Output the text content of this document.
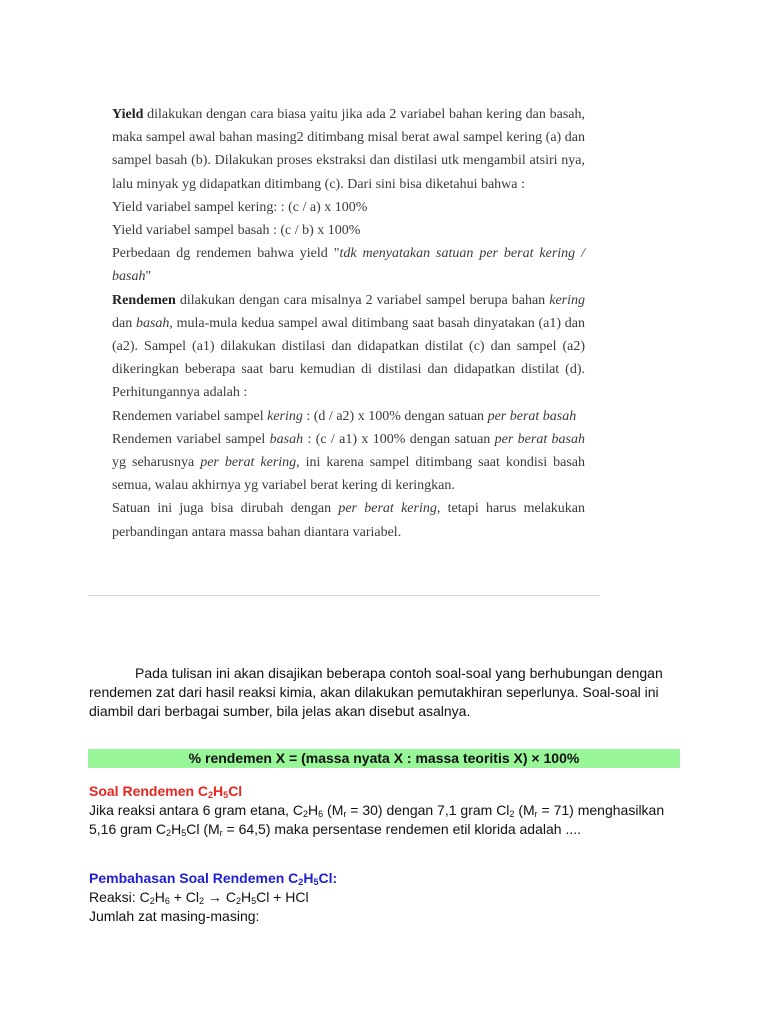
Yield dilakukan dengan cara biasa yaitu jika ada 2 variabel bahan kering dan basah, maka sampel awal bahan masing2 ditimbang misal berat awal sampel kering (a) dan sampel basah (b). Dilakukan proses ekstraksi dan distilasi utk mengambil atsiri nya, lalu minyak yg didapatkan ditimbang (c). Dari sini bisa diketahui bahwa :

Yield variabel sampel kering: : (c / a) x 100%

Yield variabel sampel basah : (c / b) x 100%

Perbedaan dg rendemen bahwa yield "tdk menyatakan satuan per berat kering / basah"

Rendemen dilakukan dengan cara misalnya 2 variabel sampel berupa bahan kering dan basah, mula-mula kedua sampel awal ditimbang saat basah dinyatakan (a1) dan (a2). Sampel (a1) dilakukan distilasi dan didapatkan distilat (c) dan sampel (a2) dikeringkan beberapa saat baru kemudian di distilasi dan didapatkan distilat (d). Perhitungannya adalah :

Rendemen variabel sampel kering : (d / a2) x 100% dengan satuan per berat basah

Rendemen variabel sampel basah : (c / a1) x 100% dengan satuan per berat basah yg seharusnya per berat kering, ini karena sampel ditimbang saat kondisi basah semua, walau akhirnya yg variabel berat kering di keringkan.

Satuan ini juga bisa dirubah dengan per berat kering, tetapi harus melakukan perbandingan antara massa bahan diantara variabel.

Pada tulisan ini akan disajikan beberapa contoh soal-soal yang berhubungan dengan rendemen zat dari hasil reaksi kimia, akan dilakukan pemutakhiran seperlunya. Soal-soal ini diambil dari berbagai sumber, bila jelas akan disebut asalnya.
% rendemen X = (massa nyata X : massa teoritis X) × 100%
Soal Rendemen $C_2H_5Cl$
Jika reaksi antara 6 gram etana, $C_2H_6$ $(M_r = 30)$ dengan 7,1 gram $Cl_2$ $(M_r = 71)$ menghasilkan 5,16 gram $C_2H_5Cl$ $(M_r = 64,5)$ maka persentase rendemen etil klorida adalah ....
Pembahasan Soal Rendemen $C_2H_5Cl$:
Reaksi: $C_2H_6 + Cl_2 \to C_2H_5Cl$ + HCl
Jumlah zat masing-masing:
